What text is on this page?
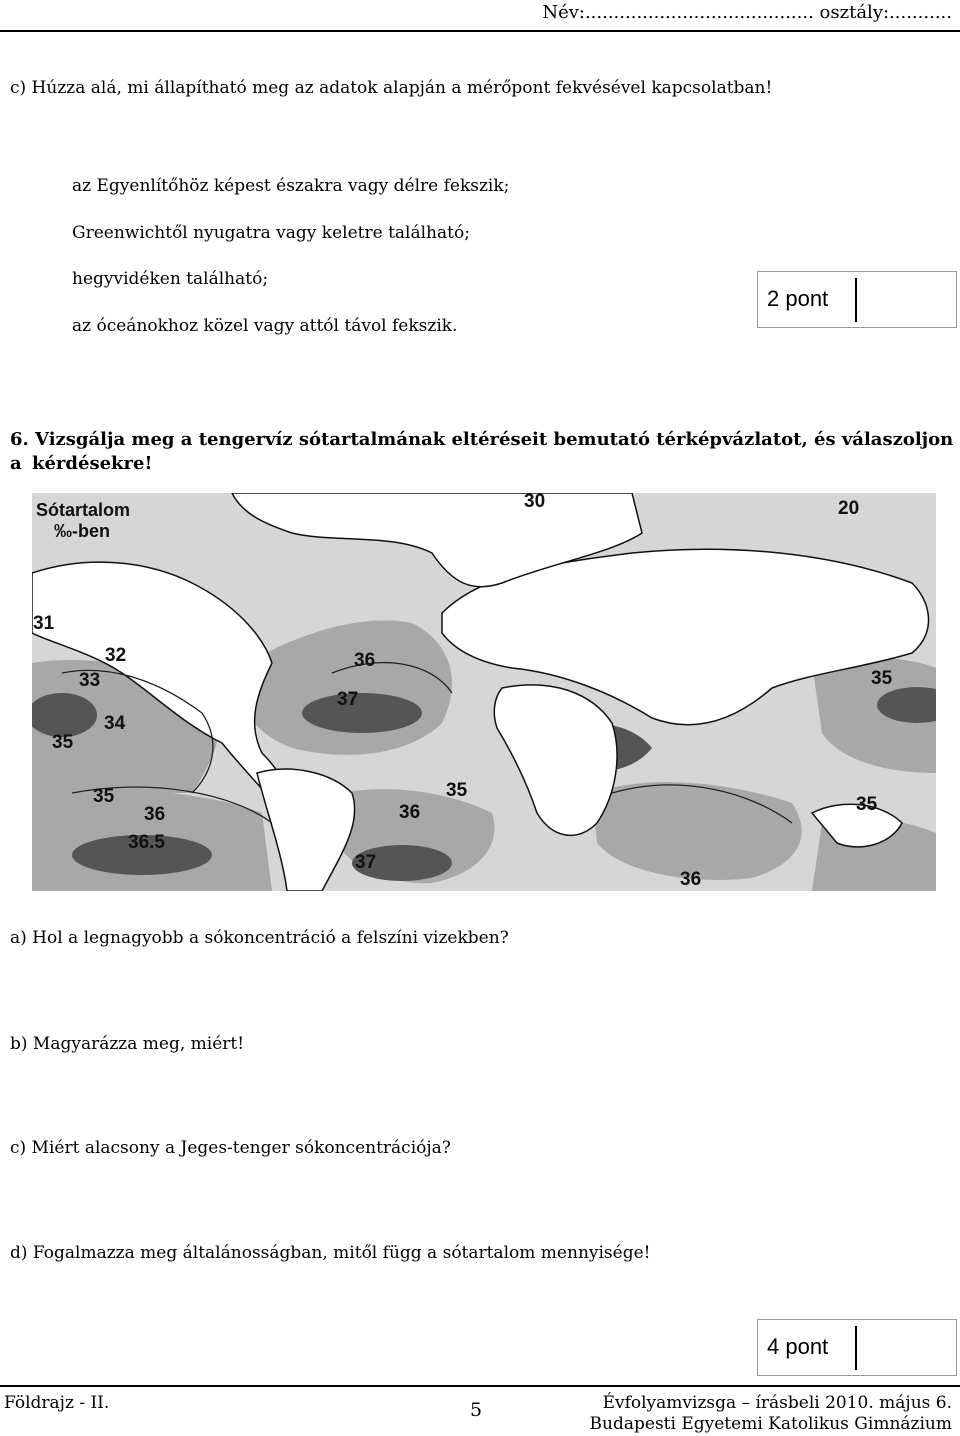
Név:........................................ osztály:...........
c) Húzza alá, mi állapítható meg az adatok alapján a mérőpont fekvésével kapcsolatban!

az Egyenlítőhöz képest északra vagy délre fekszik;

Greenwichtől nyugatra vagy keletre található;

hegyvidéken található;

az óceánokhoz közel vagy attól távol fekszik.

2 pont
6. Vizsgálja meg a tengervíz sótartalmának eltéréseit bemutató térképvázlatot, és válaszoljon a kérdésekre!
Sótartalom
‰-ben
30	20
31
32
33
34
35
36
37
35
35
36
36.5
36
35
37
36
35
a) Hol a legnagyobb a sókoncentráció a felszíni vizekben?
b) Magyarázza meg, miért!
c) Miért alacsony a Jeges-tenger sókoncentrációja?
d) Fogalmazza meg általánosságban, mitől függ a sótartalom mennyisége!
4 pont
Földrajz - II.	5	Évfolyamvizsga – írásbeli 2010. május 6.
Budapesti Egyetemi Katolikus Gimnázium
